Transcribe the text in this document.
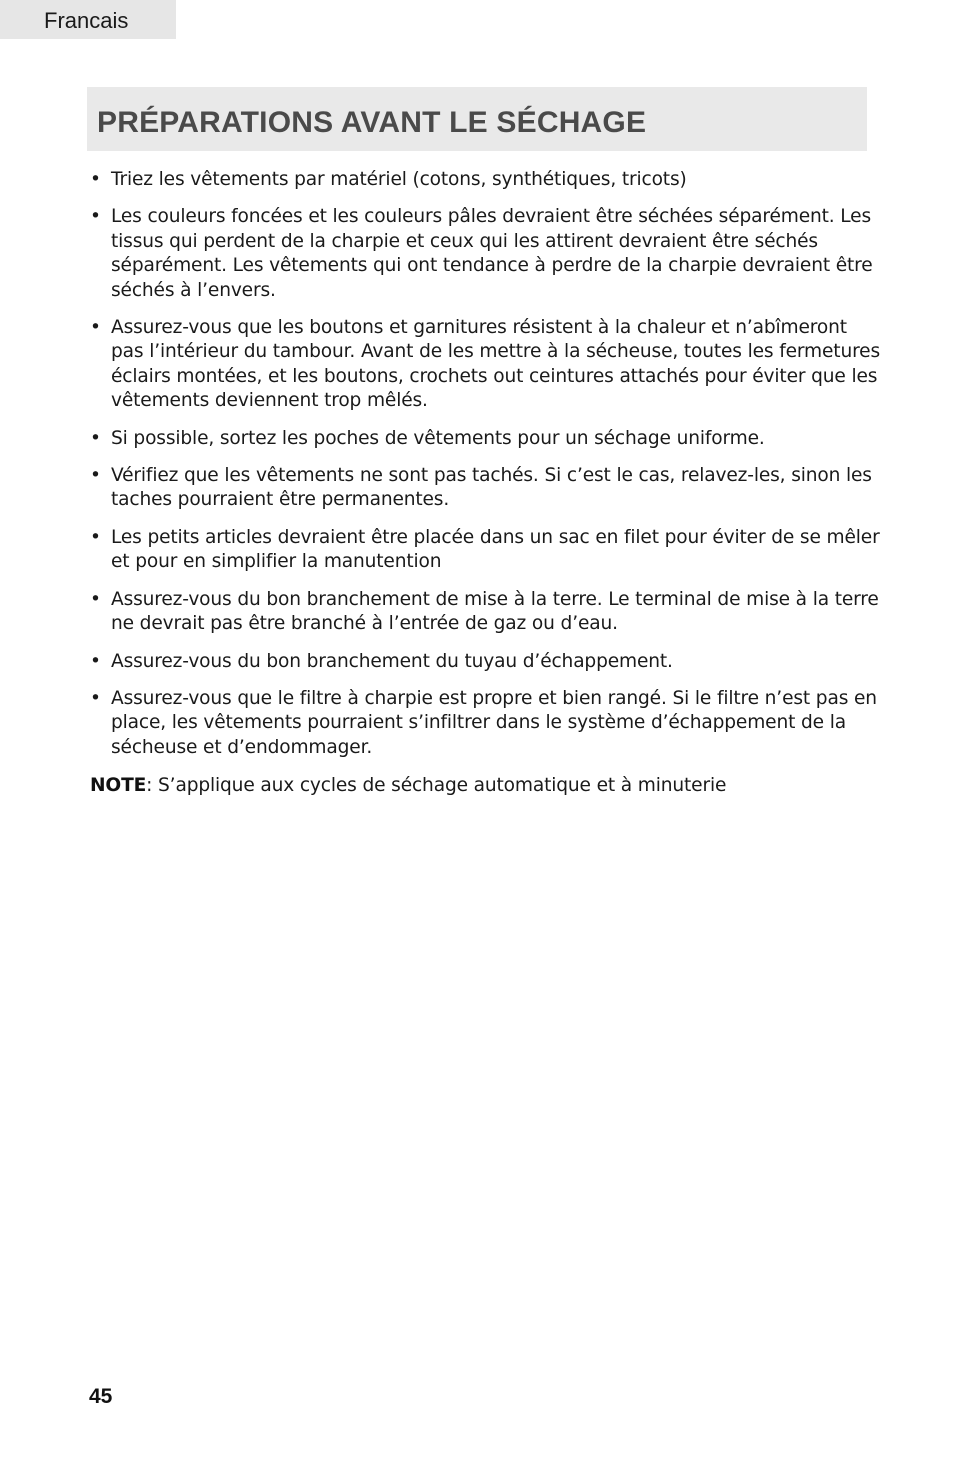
Francais
PRÉPARATIONS AVANT LE SÉCHAGE
• Triez les vêtements par matériel (cotons, synthétiques, tricots)
• Les couleurs foncées et les couleurs pâles devraient être séchées séparément. Les tissus qui perdent de la charpie et ceux qui les attirent devraient être séchés séparément. Les vêtements qui ont tendance à perdre de la charpie devraient être séchés à l’envers.
• Assurez-vous que les boutons et garnitures résistent à la chaleur et n’abîmeront pas l’intérieur du tambour. Avant de les mettre à la sécheuse, toutes les fermetures éclairs montées, et les boutons, crochets out ceintures attachés pour éviter que les vêtements deviennent trop mêlés.
• Si possible, sortez les poches de vêtements pour un séchage uniforme.
• Vérifiez que les vêtements ne sont pas tachés. Si c’est le cas, relavez-les, sinon les taches pourraient être permanentes.
• Les petits articles devraient être placée dans un sac en filet pour éviter de se mêler et pour en simplifier la manutention
• Assurez-vous du bon branchement de mise à la terre. Le terminal de mise à la terre ne devrait pas être branché à l’entrée de gaz ou d’eau.
• Assurez-vous du bon branchement du tuyau d’échappement.
• Assurez-vous que le filtre à charpie est propre et bien rangé. Si le filtre n’est pas en place, les vêtements pourraient s’infiltrer dans le système d’échappement de la sécheuse et d’endommager.

NOTE: S’applique aux cycles de séchage automatique et à minuterie

45
